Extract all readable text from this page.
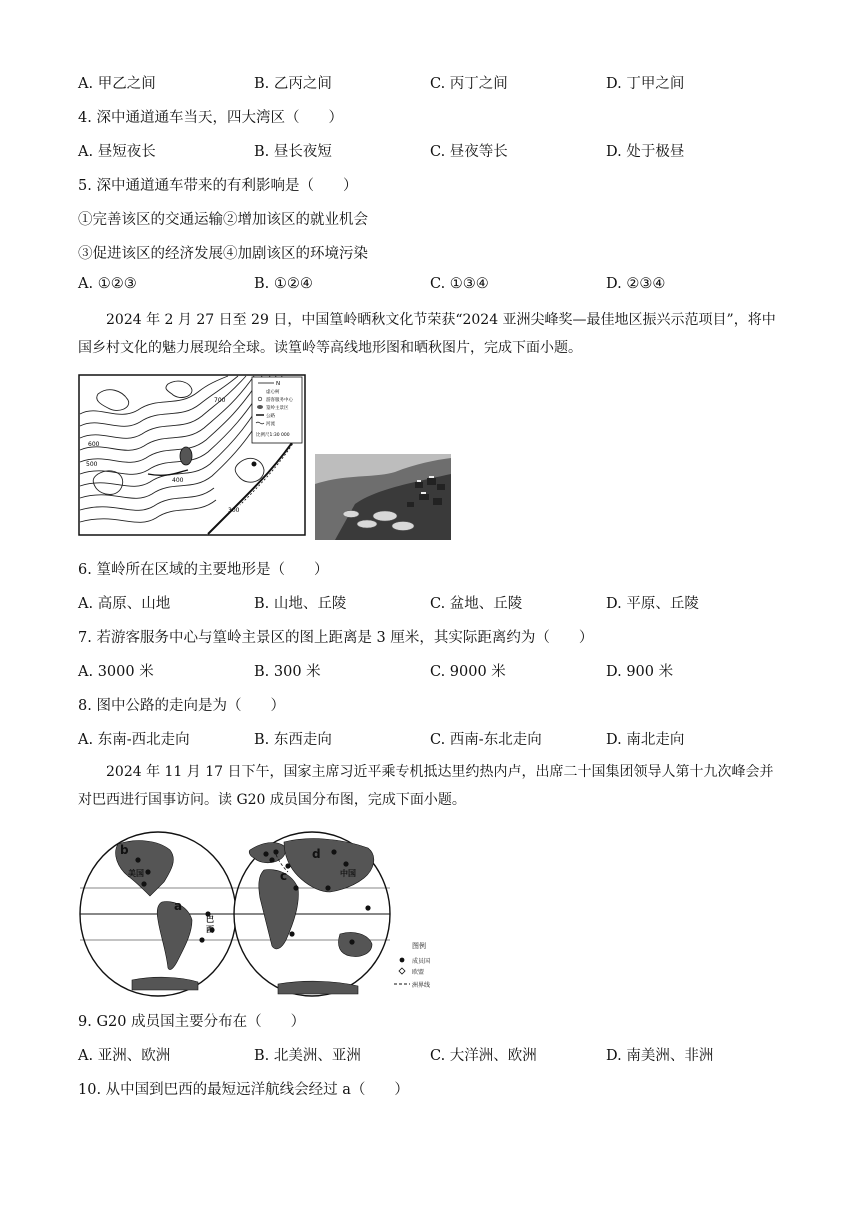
A. 甲乙之间	B. 乙丙之间	C. 丙丁之间	D. 丁甲之间
4. 深中通道通车当天，四大湾区（　　）
A. 昼短夜长	B. 昼长夜短	C. 昼夜等长	D. 处于极昼
5. 深中通道通车带来的有利影响是（　　）
①完善该区的交通运输②增加该区的就业机会
③促进该区的经济发展④加剧该区的环境污染
A. ①②③	B. ①②④	C. ①③④	D. ②③④
2024 年 2 月 27 日至 29 日，中国篁岭晒秋文化节荣获“2024 亚洲尖峰奖—最佳地区振兴示范项目”，将中国乡村文化的魅力展现给全球。读篁岭等高线地形图和晒秋图片，完成下面小题。
700
600
500
400
300
N
虚心柯
游客服务中心
篁岭主景区
公路
河流
比例尺1:30 000
6. 篁岭所在区域的主要地形是（　　）
A. 高原、山地	B. 山地、丘陵	C. 盆地、丘陵	D. 平原、丘陵
7. 若游客服务中心与篁岭主景区的图上距离是 3 厘米，其实际距离约为（　　）
A. 3000 米	B. 300 米	C. 9000 米	D. 900 米
8. 图中公路的走向是为（　　）
A. 东南-西北走向	B. 东西走向	C. 西南-东北走向	D. 南北走向
2024 年 11 月 17 日下午，国家主席习近平乘专机抵达里约热内卢，出席二十国集团领导人第十九次峰会并对巴西进行国事访问。读 G20 成员国分布图，完成下面小题。
b
美国
a
巴
西
d
中国
c
图例
成员国
欧盟
洲界线
9. G20 成员国主要分布在（　　）
A. 亚洲、欧洲	B. 北美洲、亚洲	C. 大洋洲、欧洲	D. 南美洲、非洲
10. 从中国到巴西的最短远洋航线会经过 a（　　）
